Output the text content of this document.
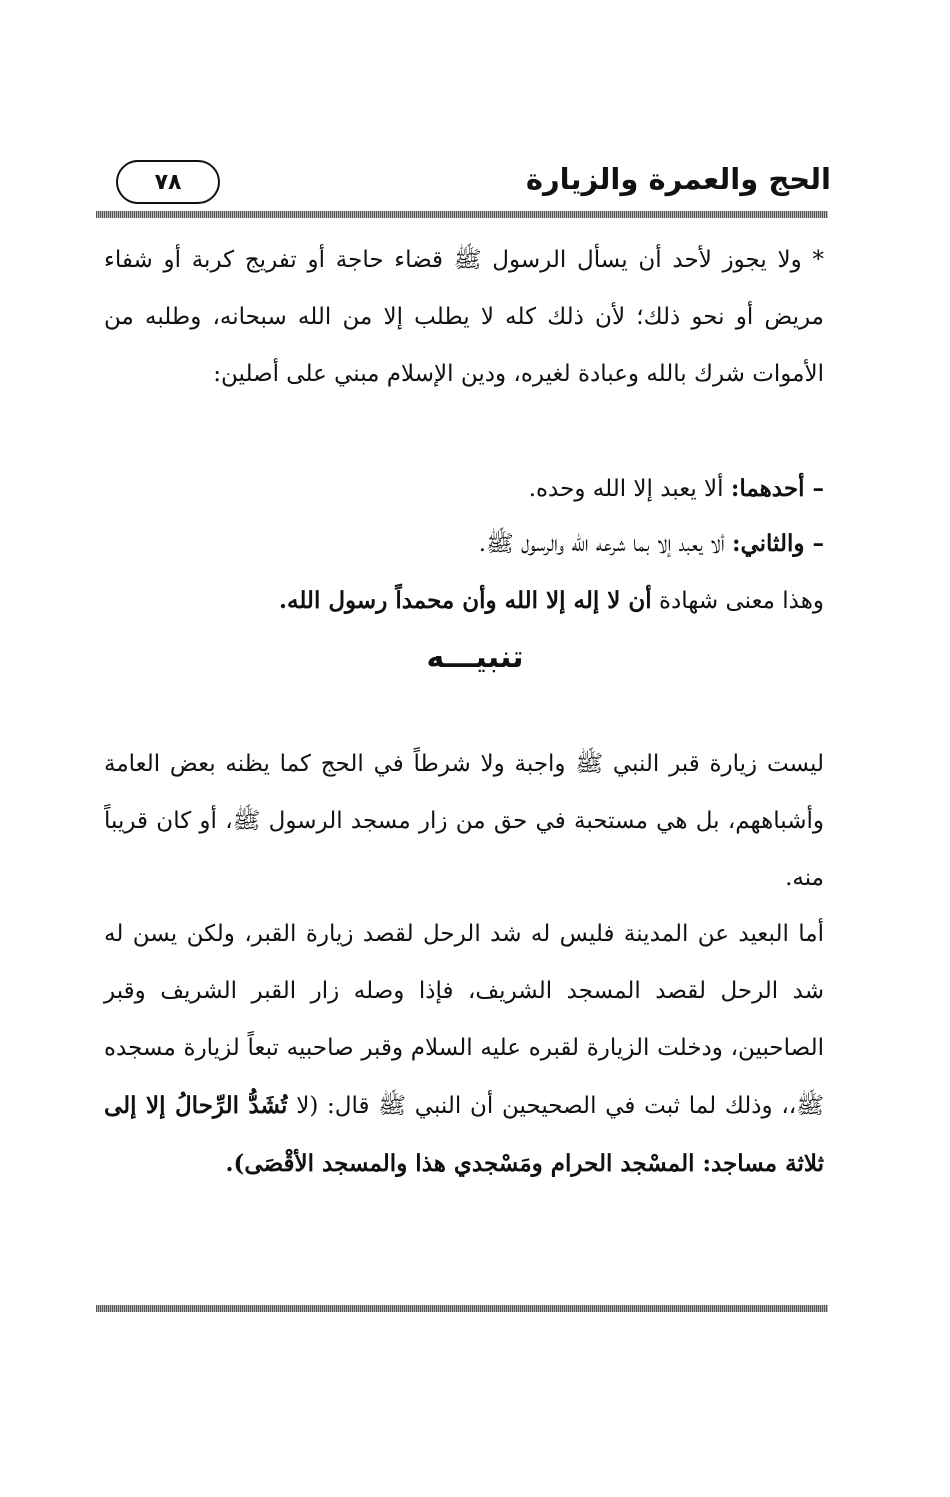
٧٨	الحج والعمرة والزيارة
* ولا يجوز لأحد أن يسأل الرسول ﷺ قضاء حاجة أو تفريج كربة أو شفاء مريض أو نحو ذلك؛ لأن ذلك كله لا يطلب إلا من الله سبحانه، وطلبه من الأموات شرك بالله وعبادة لغيره، ودين الإسلام مبني على أصلين:
– أحدهما: ألا يعبد إلا الله وحده.
– والثاني: ألا يعبد إلا بما شرعه الله والرسول ﷺ.
وهذا معنى شهادة أن لا إله إلا الله وأن محمداً رسول الله.
تنبيـــه
ليست زيارة قبر النبي ﷺ واجبة ولا شرطاً في الحج كما يظنه بعض العامة وأشباههم، بل هي مستحبة في حق من زار مسجد الرسول ﷺ، أو كان قريباً منه.
أما البعيد عن المدينة فليس له شد الرحل لقصد زيارة القبر، ولكن يسن له شد الرحل لقصد المسجد الشريف، فإذا وصله زار القبر الشريف وقبر الصاحبين، ودخلت الزيارة لقبره عليه السلام وقبر صاحبيه تبعاً لزيارة مسجده ﷺ،، وذلك لما ثبت في الصحيحين أن النبي ﷺ قال: (لا تُشَدُّ الرِّحالُ إلا إلى ثلاثة مساجد: المسْجد الحرام ومَسْجدي هذا والمسجد الأقْصَى).
